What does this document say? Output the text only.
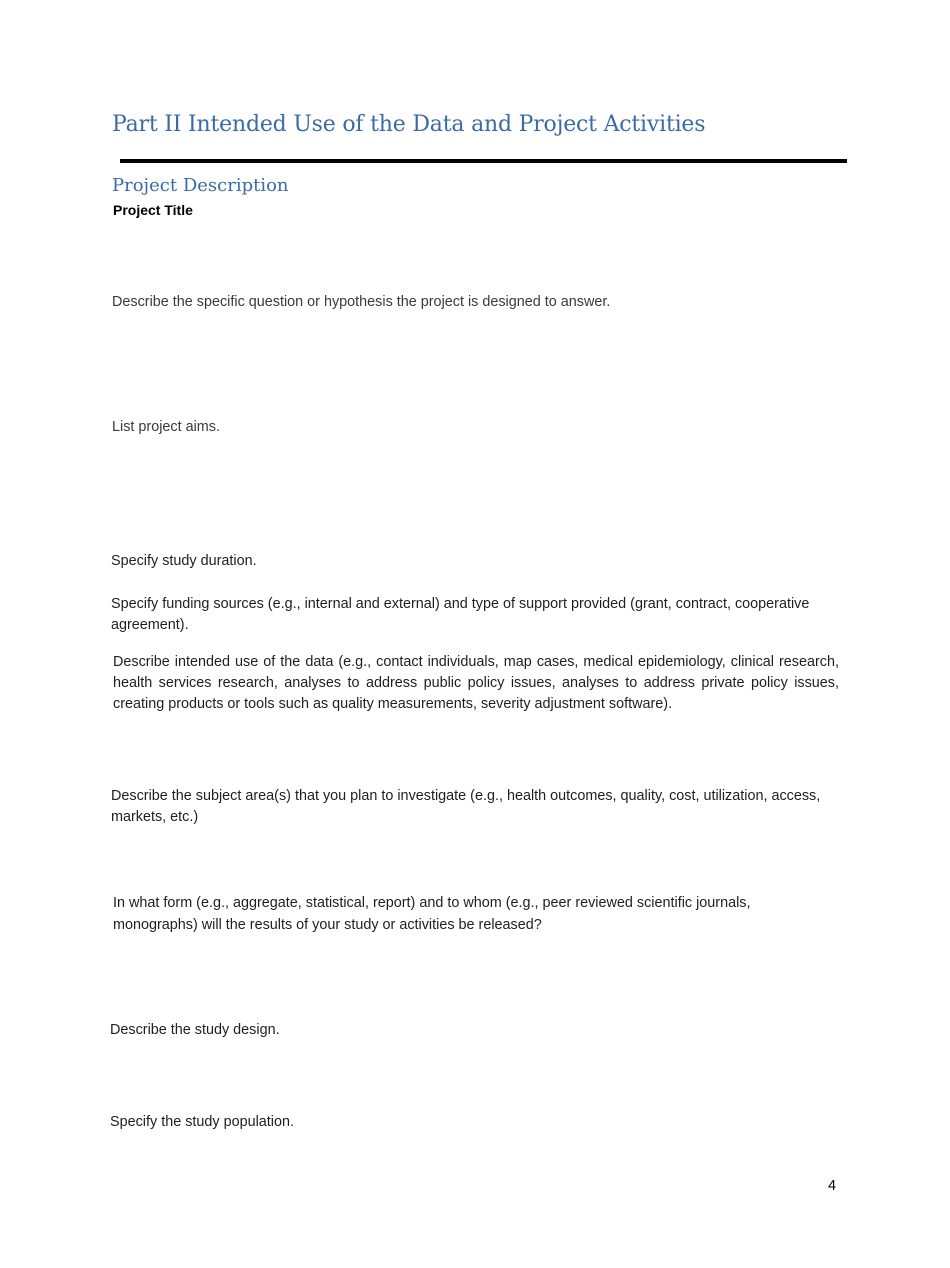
Part II Intended Use of the Data and Project Activities
Project Description

Project Title

Describe the specific question or hypothesis the project is designed to answer.

List project aims.

Specify study duration.

Specify funding sources (e.g., internal and external) and type of support provided (grant, contract, cooperative agreement).

Describe intended use of the data (e.g., contact individuals, map cases, medical epidemiology, clinical research, health services research, analyses to address public policy issues, analyses to address private policy issues, creating products or tools such as quality measurements, severity adjustment software).

Describe the subject area(s) that you plan to investigate (e.g., health outcomes, quality, cost, utilization, access, markets, etc.)

In what form (e.g., aggregate, statistical, report) and to whom (e.g., peer reviewed scientific journals, monographs) will the results of your study or activities be released?

Describe the study design.

Specify the study population.

4
